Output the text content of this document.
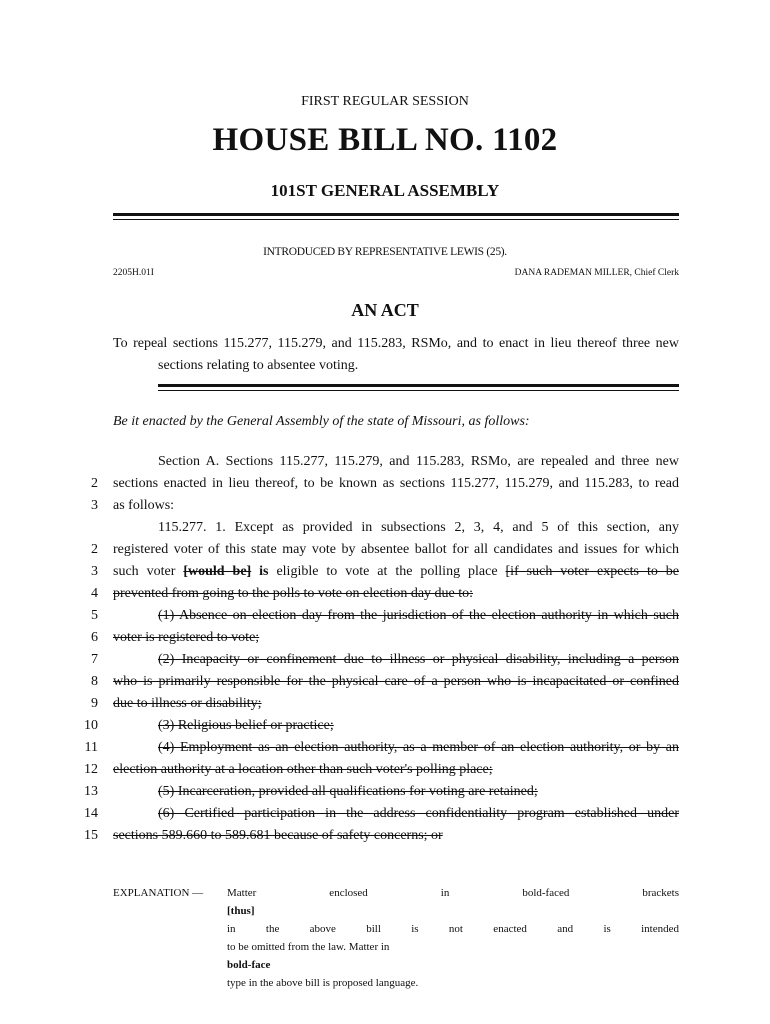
FIRST REGULAR SESSION
HOUSE BILL NO. 1102
101ST GENERAL ASSEMBLY
INTRODUCED BY REPRESENTATIVE LEWIS (25).
2205H.01I	DANA RADEMAN MILLER, Chief Clerk
AN ACT
To repeal sections 115.277, 115.279, and 115.283, RSMo, and to enact in lieu thereof three new
sections relating to absentee voting.
Be it enacted by the General Assembly of the state of Missouri, as follows:
Section A. Sections 115.277, 115.279, and 115.283, RSMo, are repealed and three new
2 sections enacted in lieu thereof, to be known as sections 115.277, 115.279, and 115.283, to read
3 as follows:
115.277. 1. Except as provided in subsections 2, 3, 4, and 5 of this section, any
2 registered voter of this state may vote by absentee ballot for all candidates and issues for which
3 such voter [would be] is eligible to vote at the polling place [if such voter expects to be
4 prevented from going to the polls to vote on election day due to:
5	(1) Absence on election day from the jurisdiction of the election authority in which such
6 voter is registered to vote;
7	(2) Incapacity or confinement due to illness or physical disability, including a person
8 who is primarily responsible for the physical care of a person who is incapacitated or confined
9 due to illness or disability;
10	(3) Religious belief or practice;
11	(4) Employment as an election authority, as a member of an election authority, or by an
12 election authority at a location other than such voter's polling place;
13	(5) Incarceration, provided all qualifications for voting are retained;
14	(6) Certified participation in the address confidentiality program established under
15 sections 589.660 to 589.681 because of safety concerns; or
EXPLANATION — Matter enclosed in bold-faced brackets
[thus]
in the above bill is not enacted and is intended
to be omitted from the law. Matter in
bold-face
type in the above bill is proposed language.
